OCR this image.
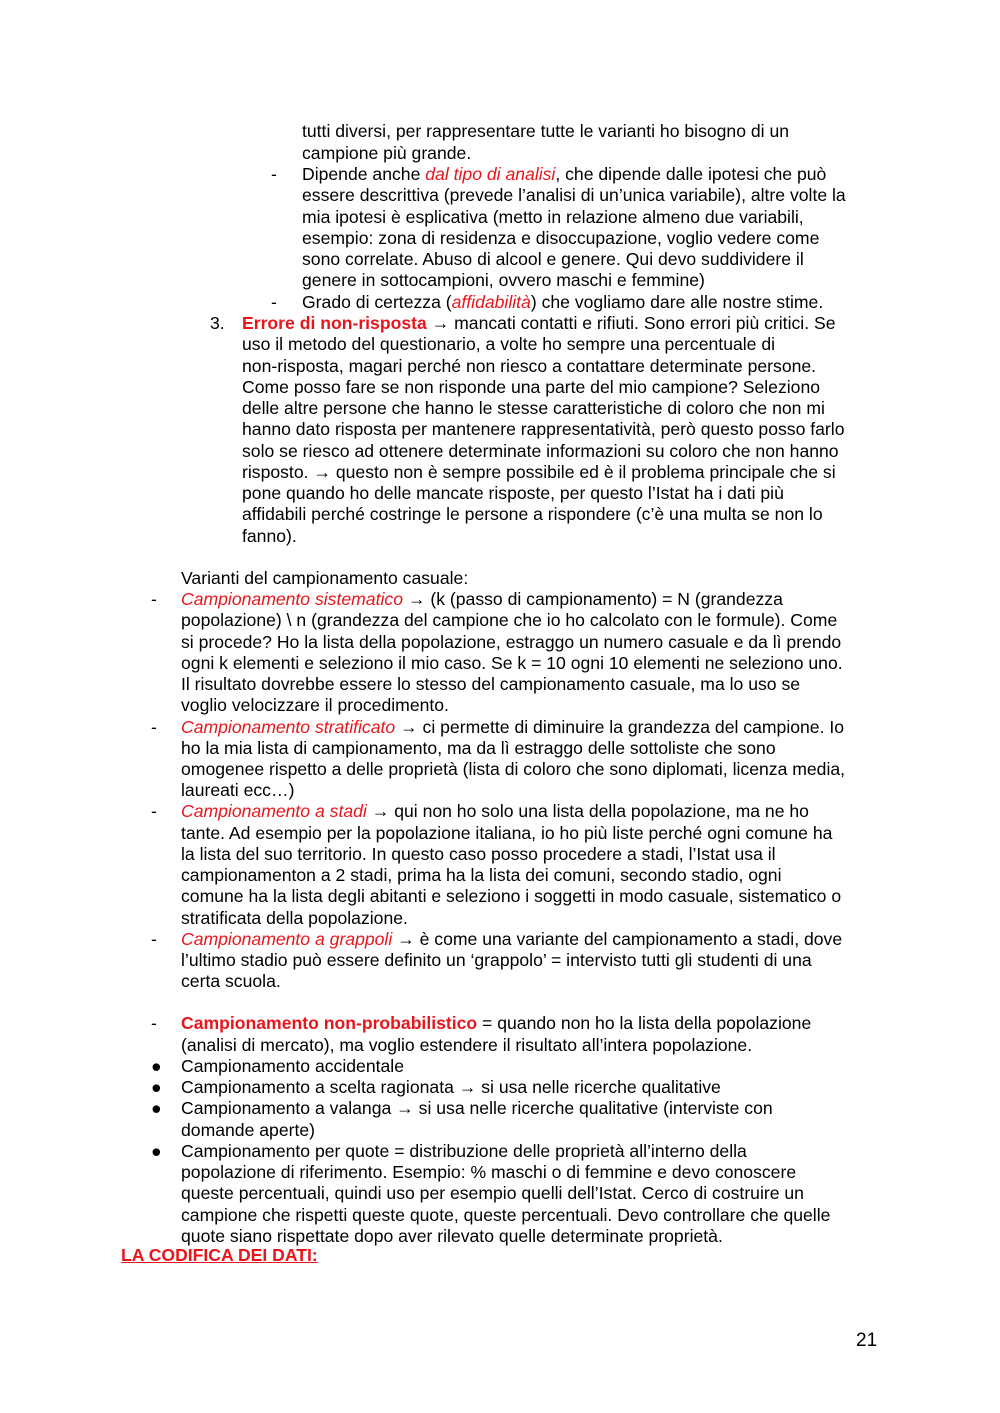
tutti diversi, per rappresentare tutte le varianti ho bisogno di un
campione più grande.
- Dipende anche dal tipo di analisi, che dipende dalle ipotesi che può
essere descrittiva (prevede l’analisi di un’unica variabile), altre volte la
mia ipotesi è esplicativa (metto in relazione almeno due variabili,
esempio: zona di residenza e disoccupazione, voglio vedere come
sono correlate. Abuso di alcool e genere. Qui devo suddividere il
genere in sottocampioni, ovvero maschi e femmine)
- Grado di certezza (affidabilità) che vogliamo dare alle nostre stime.
3. Errore di non-risposta → mancati contatti e rifiuti. Sono errori più critici. Se
uso il metodo del questionario, a volte ho sempre una percentuale di
non-risposta, magari perché non riesco a contattare determinate persone.
Come posso fare se non risponde una parte del mio campione? Seleziono
delle altre persone che hanno le stesse caratteristiche di coloro che non mi
hanno dato risposta per mantenere rappresentatività, però questo posso farlo
solo se riesco ad ottenere determinate informazioni su coloro che non hanno
risposto. → questo non è sempre possibile ed è il problema principale che si
pone quando ho delle mancate risposte, per questo l’Istat ha i dati più
affidabili perché costringe le persone a rispondere (c’è una multa se non lo
fanno).
Varianti del campionamento casuale:
- Campionamento sistematico → (k (passo di campionamento) = N (grandezza
popolazione) \ n (grandezza del campione che io ho calcolato con le formule). Come
si procede? Ho la lista della popolazione, estraggo un numero casuale e da lì prendo
ogni k elementi e seleziono il mio caso. Se k = 10 ogni 10 elementi ne seleziono uno.
Il risultato dovrebbe essere lo stesso del campionamento casuale, ma lo uso se
voglio velocizzare il procedimento.
- Campionamento stratificato → ci permette di diminuire la grandezza del campione. Io
ho la mia lista di campionamento, ma da lì estraggo delle sottoliste che sono
omogenee rispetto a delle proprietà (lista di coloro che sono diplomati, licenza media,
laureati ecc…)
- Campionamento a stadi → qui non ho solo una lista della popolazione, ma ne ho
tante. Ad esempio per la popolazione italiana, io ho più liste perché ogni comune ha
la lista del suo territorio. In questo caso posso procedere a stadi, l’Istat usa il
campionamenton a 2 stadi, prima ha la lista dei comuni, secondo stadio, ogni
comune ha la lista degli abitanti e seleziono i soggetti in modo casuale, sistematico o
stratificata della popolazione.
- Campionamento a grappoli → è come una variante del campionamento a stadi, dove
l’ultimo stadio può essere definito un ‘grappolo’ = intervisto tutti gli studenti di una
certa scuola.
- Campionamento non-probabilistico = quando non ho la lista della popolazione
(analisi di mercato), ma voglio estendere il risultato all’intera popolazione.
● Campionamento accidentale
● Campionamento a scelta ragionata → si usa nelle ricerche qualitative
● Campionamento a valanga → si usa nelle ricerche qualitative (interviste con
domande aperte)
● Campionamento per quote = distribuzione delle proprietà all’interno della
popolazione di riferimento. Esempio: % maschi o di femmine e devo conoscere
queste percentuali, quindi uso per esempio quelli dell’Istat. Cerco di costruire un
campione che rispetti queste quote, queste percentuali. Devo controllare che quelle
quote siano rispettate dopo aver rilevato quelle determinate proprietà.
LA CODIFICA DEI DATI:
21
